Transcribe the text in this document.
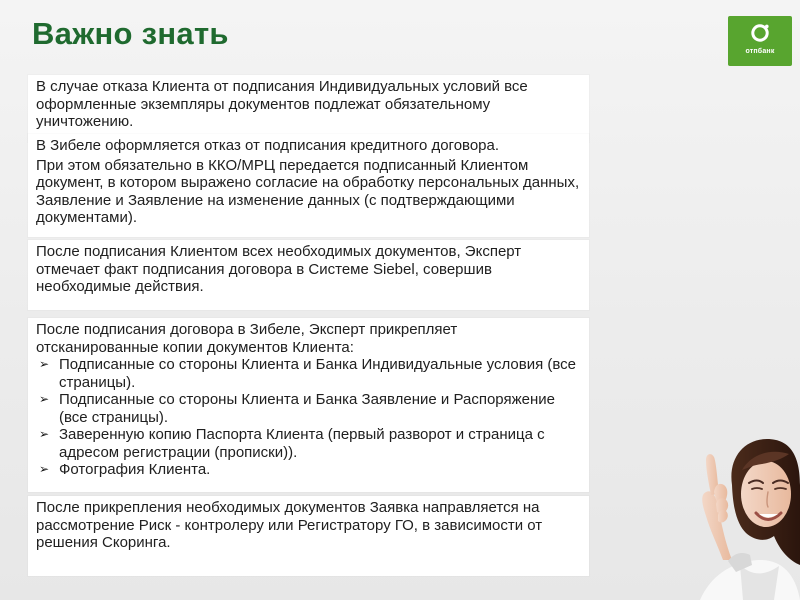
Важно знать
отпбанк

В случае отказа Клиента от подписания Индивидуальных условий все оформленные экземпляры документов подлежат обязательному уничтожению.

В Зибеле оформляется отказ от подписания кредитного договора.

При этом обязательно в ККО/МРЦ передается подписанный Клиентом документ, в котором выражено согласие на обработку персональных данных, Заявление и Заявление на изменение данных (с подтверждающими документами).

После подписания Клиентом всех необходимых документов, Эксперт отмечает факт подписания договора в Системе Siebel, совершив необходимые действия.

После подписания договора в Зибеле, Эксперт прикрепляет отсканированные копии документов Клиента:

➢ Подписанные со стороны Клиента и Банка Индивидуальные условия (все страницы).
➢ Подписанные со стороны Клиента и Банка Заявление и Распоряжение (все страницы).
➢ Заверенную копию Паспорта Клиента (первый разворот и страница с адресом регистрации (прописки)).
➢ Фотография Клиента.

После прикрепления необходимых документов Заявка направляется на рассмотрение Риск - контролеру или Регистратору ГО, в зависимости от решения Скоринга.
